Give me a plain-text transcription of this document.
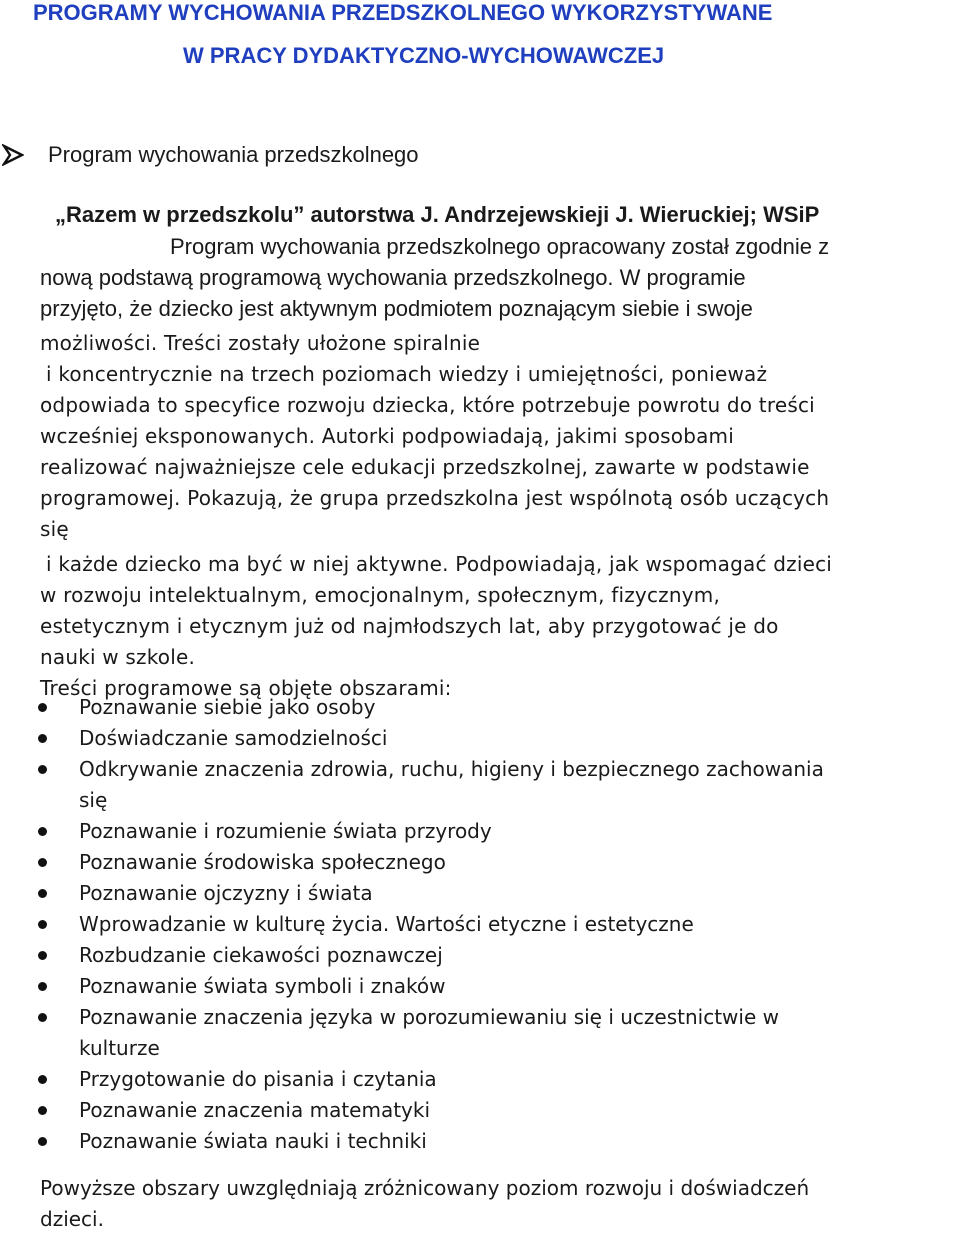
PROGRAMY WYCHOWANIA PRZEDSZKOLNEGO WYKORZYSTYWANE
W PRACY DYDAKTYCZNO-WYCHOWAWCZEJ
Program wychowania przedszkolnego
„Razem w przedszkolu” autorstwa J. Andrzejewskieji J. Wieruckiej; WSiP
Program wychowania przedszkolnego opracowany został zgodnie z
nową podstawą programową wychowania przedszkolnego. W programie
przyjęto, że dziecko jest aktywnym podmiotem poznającym siebie i swoje
możliwości. Treści zostały ułożone spiralnie
i koncentrycznie na trzech poziomach wiedzy i umiejętności, ponieważ
odpowiada to specyfice rozwoju dziecka, które potrzebuje powrotu do treści
wcześniej eksponowanych. Autorki podpowiadają, jakimi sposobami
realizować najważniejsze cele edukacji przedszkolnej, zawarte w podstawie
programowej. Pokazują, że grupa przedszkolna jest wspólnotą osób uczących
się
i każde dziecko ma być w niej aktywne. Podpowiadają, jak wspomagać dzieci
w rozwoju intelektualnym, emocjonalnym, społecznym, fizycznym,
estetycznym i etycznym już od najmłodszych lat, aby przygotować je do
nauki w szkole.
Treści programowe są objęte obszarami:
Poznawanie siebie jako osoby
Doświadczanie samodzielności
Odkrywanie znaczenia zdrowia, ruchu, higieny i bezpiecznego zachowania
się
Poznawanie i rozumienie świata przyrody
Poznawanie środowiska społecznego
Poznawanie ojczyzny i świata
Wprowadzanie w kulturę życia. Wartości etyczne i estetyczne
Rozbudzanie ciekawości poznawczej
Poznawanie świata symboli i znaków
Poznawanie znaczenia języka w porozumiewaniu się i uczestnictwie w
kulturze
Przygotowanie do pisania i czytania
Poznawanie znaczenia matematyki
Poznawanie świata nauki i techniki
Powyższe obszary uwzględniają zróżnicowany poziom rozwoju i doświadczeń
dzieci.
